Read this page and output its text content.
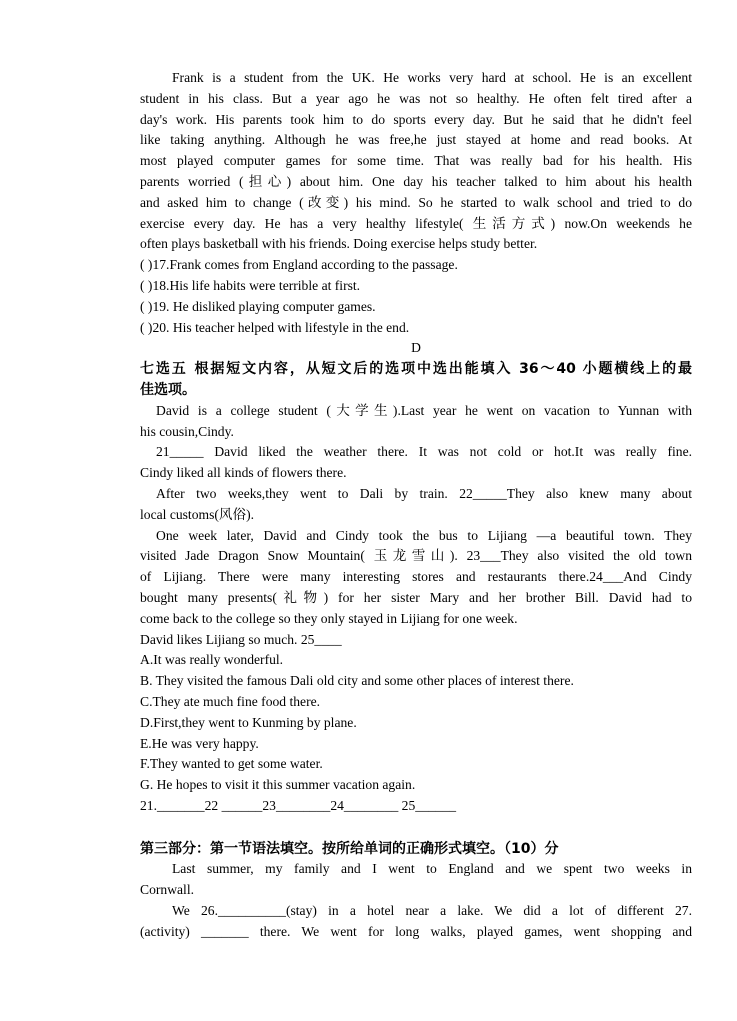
Frank is a student from the UK. He works very hard at school. He is an excellent
student in his class. But a year ago he was not so healthy. He often felt tired after a
day's work. His parents took him to do sports every day. But he said that he didn't feel
like taking anything. Although he was free,he just stayed at home and read books. At
most played computer games for some time. That was really bad for his health. His
parents worried (担心) about him. One day his teacher talked to him about his health
and asked him to change (改变) his mind. So he started to walk school and tried to do
exercise every day. He has a very healthy lifestyle( 生活方式) now.On weekends he
often plays basketball with his friends. Doing exercise helps study better.
( )17.Frank comes from England according to the passage.
( )18.His life habits were terrible at first.
( )19. He disliked playing computer games.
( )20. His teacher helped with lifestyle in the end.
D
七选五 根据短文内容，从短文后的选项中选出能填入 36～40 小题横线上的最
佳选项。
David is a college student (大学生).Last year he went on vacation to Yunnan with
his cousin,Cindy.
21_____ David liked the weather there. It was not cold or hot.It was really fine.
Cindy liked all kinds of flowers there.
After two weeks,they went to Dali by train. 22_____They also knew many about
local customs(风俗).
One week later, David and Cindy took the bus to Lijiang —a beautiful town. They
visited Jade Dragon Snow Mountain( 玉龙雪山). 23___They also visited the old town
of Lijiang. There were many interesting stores and restaurants there.24___And Cindy
bought many presents(礼物) for her sister Mary and her brother Bill. David had to
come back to the college so they only stayed in Lijiang for one week.
David likes Lijiang so much. 25____
A.It was really wonderful.
B. They visited the famous Dali old city and some other places of interest there.
C.They ate much fine food there.
D.First,they went to Kunming by plane.
E.He was very happy.
F.They wanted to get some water.
G. He hopes to visit it this summer vacation again.
21._______22 ______23________24________ 25______
第三部分：第一节语法填空。按所给单词的正确形式填空。（10）分
Last summer, my family and I went to England and we spent two weeks in
Cornwall.
We 26.__________(stay) in a hotel near a lake. We did a lot of different 27.
(activity) _______ there. We went for long walks, played games, went shopping and
